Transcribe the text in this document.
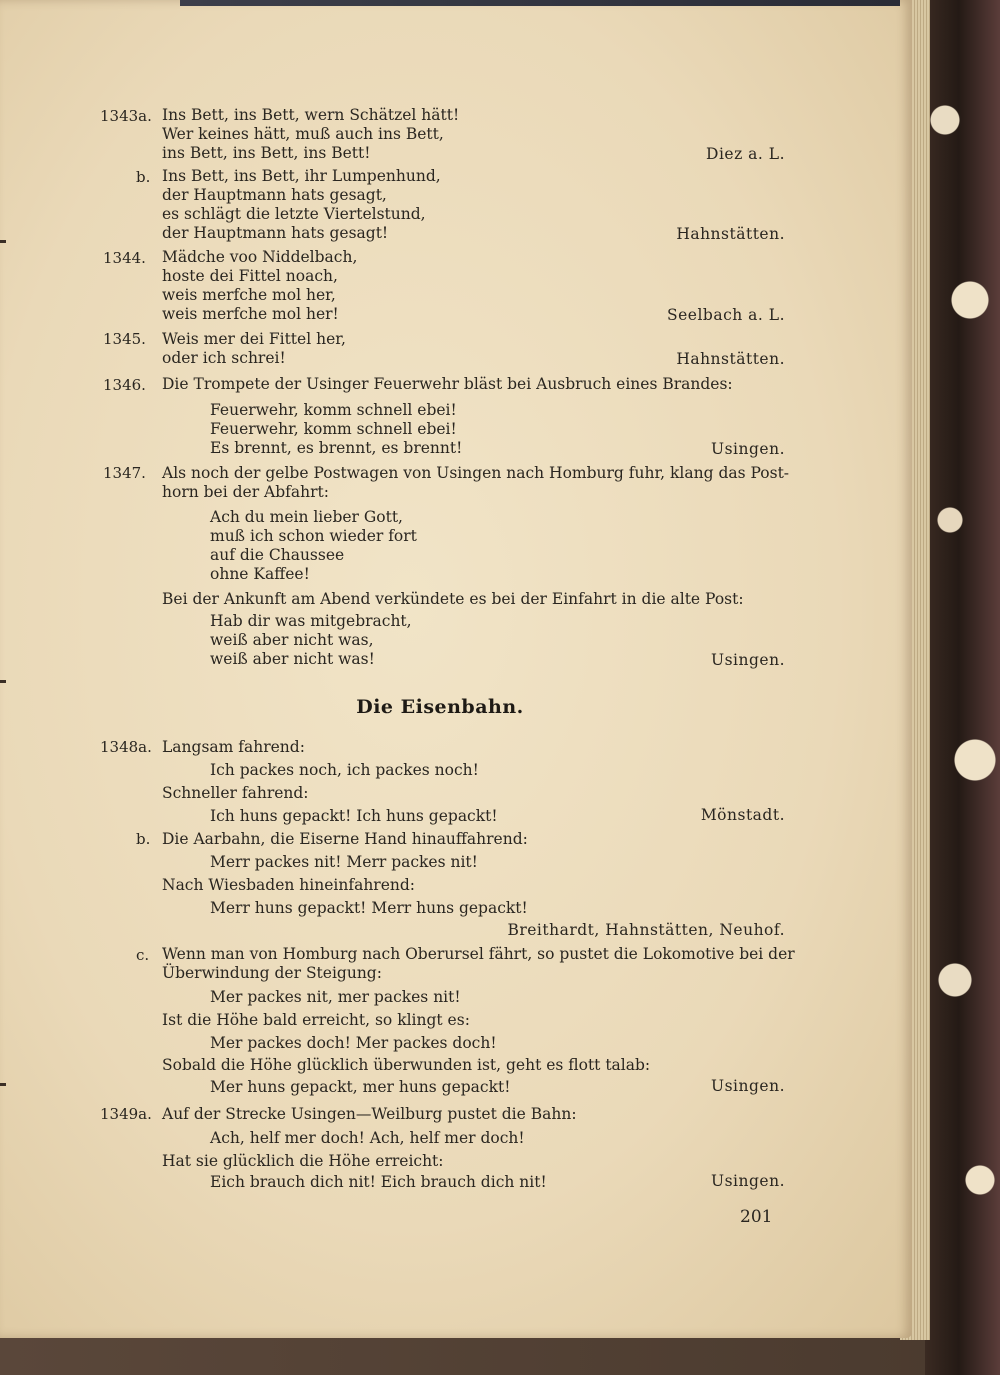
1343a. Ins Bett, ins Bett, wern Schätzel hätt!
Wer keines hätt, muß auch ins Bett,
ins Bett, ins Bett, ins Bett!	Diez a. L.
b. Ins Bett, ins Bett, ihr Lumpenhund,
der Hauptmann hats gesagt,
es schlägt die letzte Viertelstund,
der Hauptmann hats gesagt!	Hahnstätten.
1344. Mädche voo Niddelbach,
hoste dei Fittel noach,
weis merfche mol her,
weis merfche mol her!	Seelbach a. L.
1345. Weis mer dei Fittel her,
oder ich schrei!	Hahnstätten.
1346. Die Trompete der Usinger Feuerwehr bläst bei Ausbruch eines Brandes:
Feuerwehr, komm schnell ebei!
Feuerwehr, komm schnell ebei!
Es brennt, es brennt, es brennt!	Usingen.
1347. Als noch der gelbe Postwagen von Usingen nach Homburg fuhr, klang das Post-
horn bei der Abfahrt:
Ach du mein lieber Gott,
muß ich schon wieder fort
auf die Chaussee
ohne Kaffee!
Bei der Ankunft am Abend verkündete es bei der Einfahrt in die alte Post:
Hab dir was mitgebracht,
weiß aber nicht was,
weiß aber nicht was!	Usingen.
Die Eisenbahn.
1348a. Langsam fahrend:
Ich packes noch, ich packes noch!
Schneller fahrend:
Ich huns gepackt! Ich huns gepackt!	Mönstadt.
b. Die Aarbahn, die Eiserne Hand hinauffahrend:
Merr packes nit! Merr packes nit!
Nach Wiesbaden hineinfahrend:
Merr huns gepackt! Merr huns gepackt!
Breithardt, Hahnstätten, Neuhof.
c. Wenn man von Homburg nach Oberursel fährt, so pustet die Lokomotive bei der
Überwindung der Steigung:
Mer packes nit, mer packes nit!
Ist die Höhe bald erreicht, so klingt es:
Mer packes doch! Mer packes doch!
Sobald die Höhe glücklich überwunden ist, geht es flott talab:
Mer huns gepackt, mer huns gepackt!	Usingen.
1349a. Auf der Strecke Usingen—Weilburg pustet die Bahn:
Ach, helf mer doch! Ach, helf mer doch!
Hat sie glücklich die Höhe erreicht:
Eich brauch dich nit! Eich brauch dich nit!	Usingen.
201
